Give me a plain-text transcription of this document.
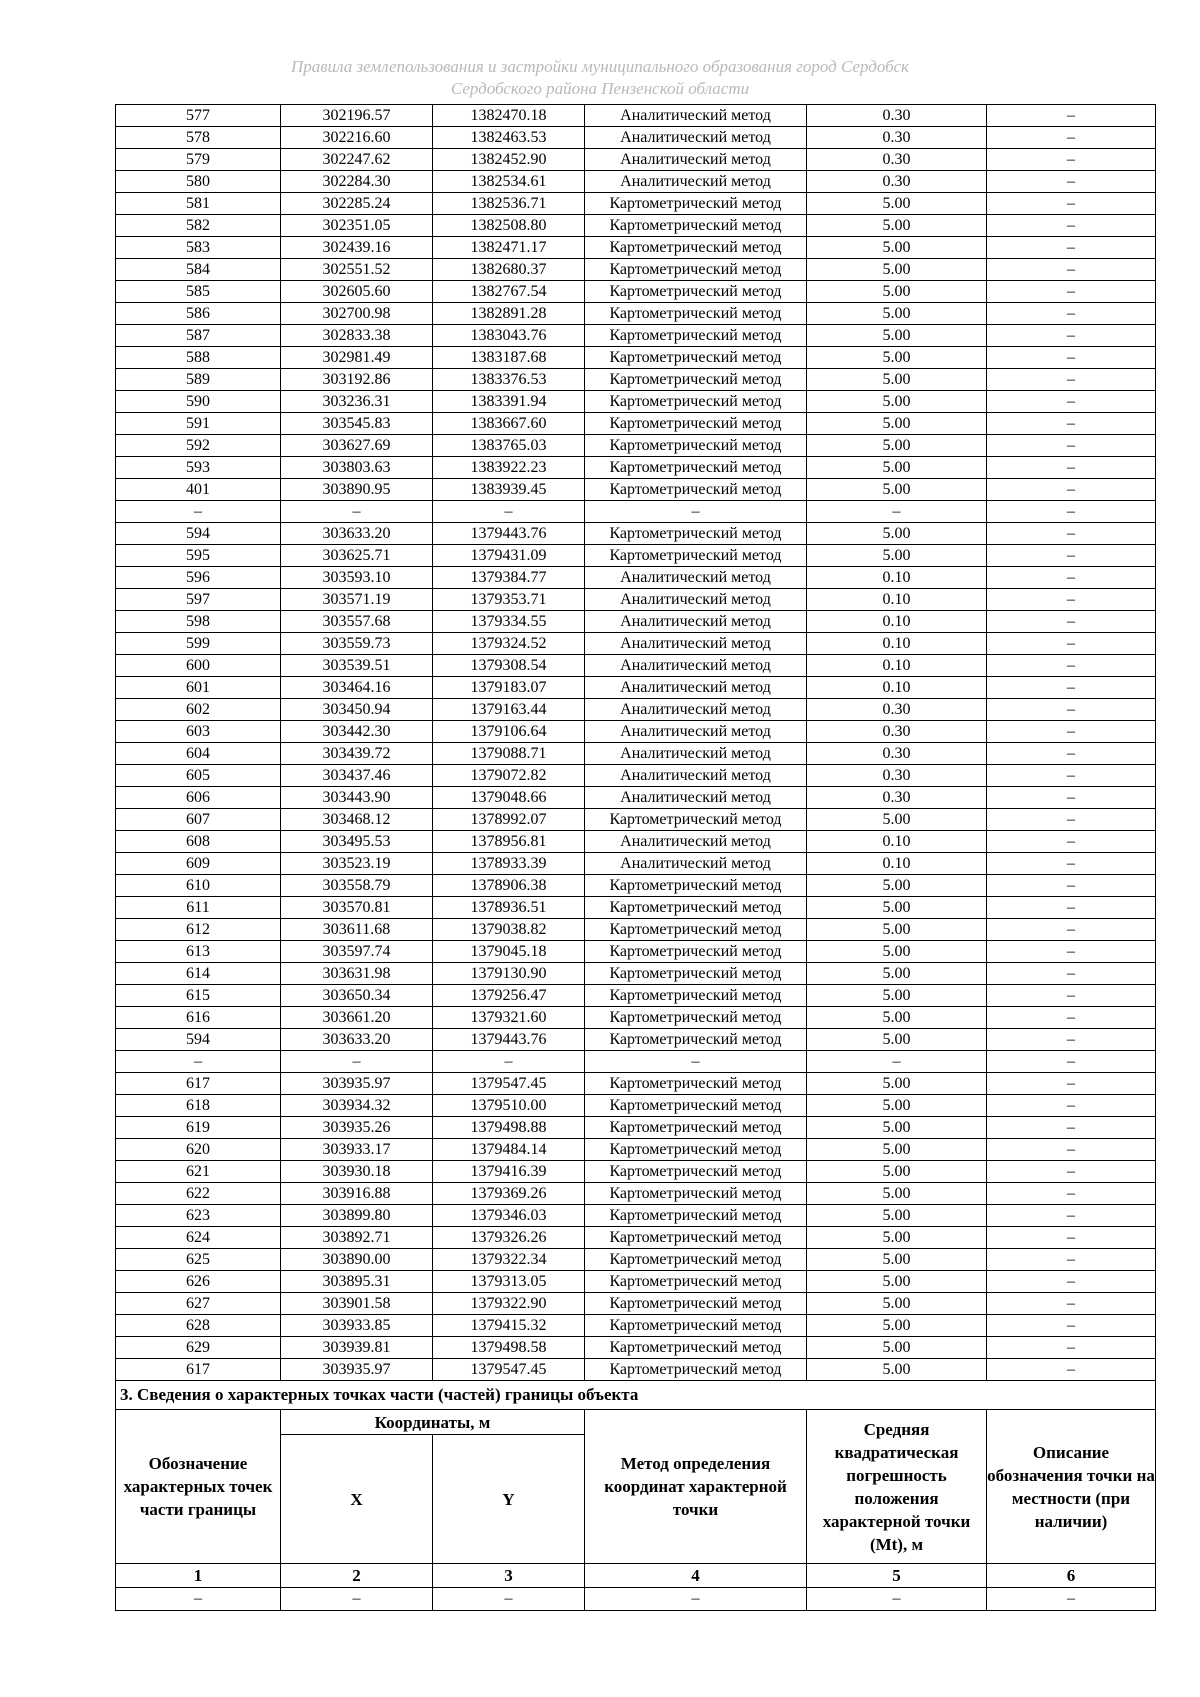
Правила землепользования и застройки муниципального образования город Сердобск
Сердобского района Пензенской области
577	302196.57	1382470.18	Аналитический метод	0.30	–
578	302216.60	1382463.53	Аналитический метод	0.30	–
579	302247.62	1382452.90	Аналитический метод	0.30	–
580	302284.30	1382534.61	Аналитический метод	0.30	–
581	302285.24	1382536.71	Картометрический метод	5.00	–
582	302351.05	1382508.80	Картометрический метод	5.00	–
583	302439.16	1382471.17	Картометрический метод	5.00	–
584	302551.52	1382680.37	Картометрический метод	5.00	–
585	302605.60	1382767.54	Картометрический метод	5.00	–
586	302700.98	1382891.28	Картометрический метод	5.00	–
587	302833.38	1383043.76	Картометрический метод	5.00	–
588	302981.49	1383187.68	Картометрический метод	5.00	–
589	303192.86	1383376.53	Картометрический метод	5.00	–
590	303236.31	1383391.94	Картометрический метод	5.00	–
591	303545.83	1383667.60	Картометрический метод	5.00	–
592	303627.69	1383765.03	Картометрический метод	5.00	–
593	303803.63	1383922.23	Картометрический метод	5.00	–
401	303890.95	1383939.45	Картометрический метод	5.00	–
–	–	–	–	–	–
594	303633.20	1379443.76	Картометрический метод	5.00	–
595	303625.71	1379431.09	Картометрический метод	5.00	–
596	303593.10	1379384.77	Аналитический метод	0.10	–
597	303571.19	1379353.71	Аналитический метод	0.10	–
598	303557.68	1379334.55	Аналитический метод	0.10	–
599	303559.73	1379324.52	Аналитический метод	0.10	–
600	303539.51	1379308.54	Аналитический метод	0.10	–
601	303464.16	1379183.07	Аналитический метод	0.10	–
602	303450.94	1379163.44	Аналитический метод	0.30	–
603	303442.30	1379106.64	Аналитический метод	0.30	–
604	303439.72	1379088.71	Аналитический метод	0.30	–
605	303437.46	1379072.82	Аналитический метод	0.30	–
606	303443.90	1379048.66	Аналитический метод	0.30	–
607	303468.12	1378992.07	Картометрический метод	5.00	–
608	303495.53	1378956.81	Аналитический метод	0.10	–
609	303523.19	1378933.39	Аналитический метод	0.10	–
610	303558.79	1378906.38	Картометрический метод	5.00	–
611	303570.81	1378936.51	Картометрический метод	5.00	–
612	303611.68	1379038.82	Картометрический метод	5.00	–
613	303597.74	1379045.18	Картометрический метод	5.00	–
614	303631.98	1379130.90	Картометрический метод	5.00	–
615	303650.34	1379256.47	Картометрический метод	5.00	–
616	303661.20	1379321.60	Картометрический метод	5.00	–
594	303633.20	1379443.76	Картометрический метод	5.00	–
–	–	–	–	–	–
617	303935.97	1379547.45	Картометрический метод	5.00	–
618	303934.32	1379510.00	Картометрический метод	5.00	–
619	303935.26	1379498.88	Картометрический метод	5.00	–
620	303933.17	1379484.14	Картометрический метод	5.00	–
621	303930.18	1379416.39	Картометрический метод	5.00	–
622	303916.88	1379369.26	Картометрический метод	5.00	–
623	303899.80	1379346.03	Картометрический метод	5.00	–
624	303892.71	1379326.26	Картометрический метод	5.00	–
625	303890.00	1379322.34	Картометрический метод	5.00	–
626	303895.31	1379313.05	Картометрический метод	5.00	–
627	303901.58	1379322.90	Картометрический метод	5.00	–
628	303933.85	1379415.32	Картометрический метод	5.00	–
629	303939.81	1379498.58	Картометрический метод	5.00	–
617	303935.97	1379547.45	Картометрический метод	5.00	–
3. Сведения о характерных точках части (частей) границы объекта					
Обозначение характерных точек части границы	Координаты, м		Метод определения координат характерной точки	Средняя квадратическая погрешность положения характерной точки (Mt), м	Описание обозначения точки на местности (при наличии)
	X	Y			
1	2	3	4	5	6
–	–	–	–	–	–
